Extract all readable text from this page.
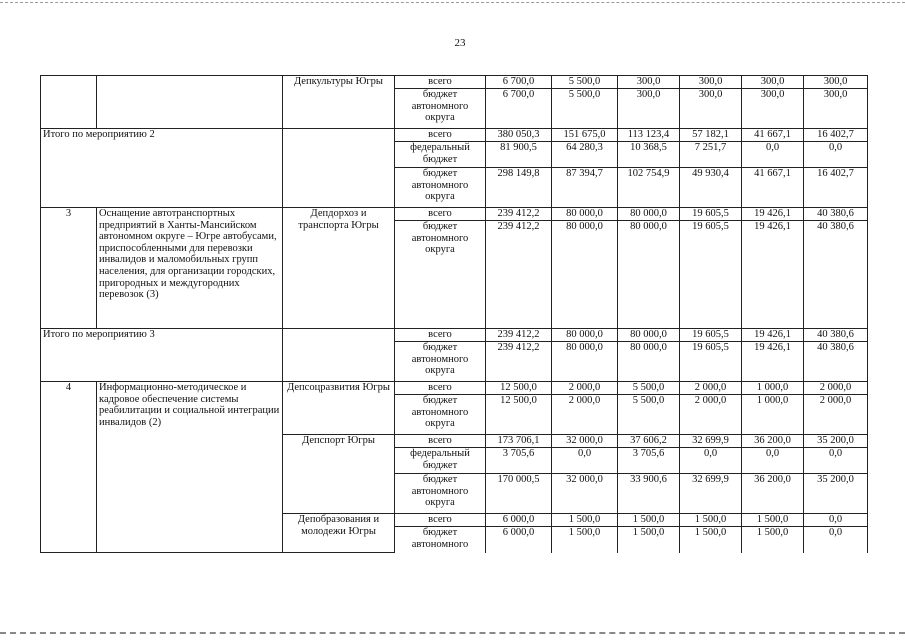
23
		Депкультуры Югры	всего	6 700,0	5 500,0	300,0	300,0	300,0	300,0
			бюджет автономного округа	6 700,0	5 500,0	300,0	300,0	300,0	300,0
Итого по мероприятию 2			всего	380 050,3	151 675,0	113 123,4	57 182,1	41 667,1	16 402,7
			федеральный бюджет	81 900,5	64 280,3	10 368,5	7 251,7	0,0	0,0
			бюджет автономного округа	298 149,8	87 394,7	102 754,9	49 930,4	41 667,1	16 402,7
3	Оснащение автотранспортных предприятий в Ханты-Мансийском автономном округе – Югре автобусами, приспособленными для перевозки инвалидов и маломобильных групп населения, для организации городских, пригородных и междугородних перевозок (3)	Депдорхоз и транспорта Югры	всего	239 412,2	80 000,0	80 000,0	19 605,5	19 426,1	40 380,6
			бюджет автономного округа	239 412,2	80 000,0	80 000,0	19 605,5	19 426,1	40 380,6
Итого по мероприятию 3			всего	239 412,2	80 000,0	80 000,0	19 605,5	19 426,1	40 380,6
			бюджет автономного округа	239 412,2	80 000,0	80 000,0	19 605,5	19 426,1	40 380,6
4	Информационно-методическое и кадровое обеспечение системы реабилитации и социальной интеграции инвалидов (2)	Депсоцразвития Югры	всего	12 500,0	2 000,0	5 500,0	2 000,0	1 000,0	2 000,0
			бюджет автономного округа	12 500,0	2 000,0	5 500,0	2 000,0	1 000,0	2 000,0
		Депспорт Югры	всего	173 706,1	32 000,0	37 606,2	32 699,9	36 200,0	35 200,0
			федеральный бюджет	3 705,6	0,0	3 705,6	0,0	0,0	0,0
			бюджет автономного округа	170 000,5	32 000,0	33 900,6	32 699,9	36 200,0	35 200,0
		Депобразования и молодежи Югры	всего	6 000,0	1 500,0	1 500,0	1 500,0	1 500,0	0,0
			бюджет автономного	6 000,0	1 500,0	1 500,0	1 500,0	1 500,0	0,0
